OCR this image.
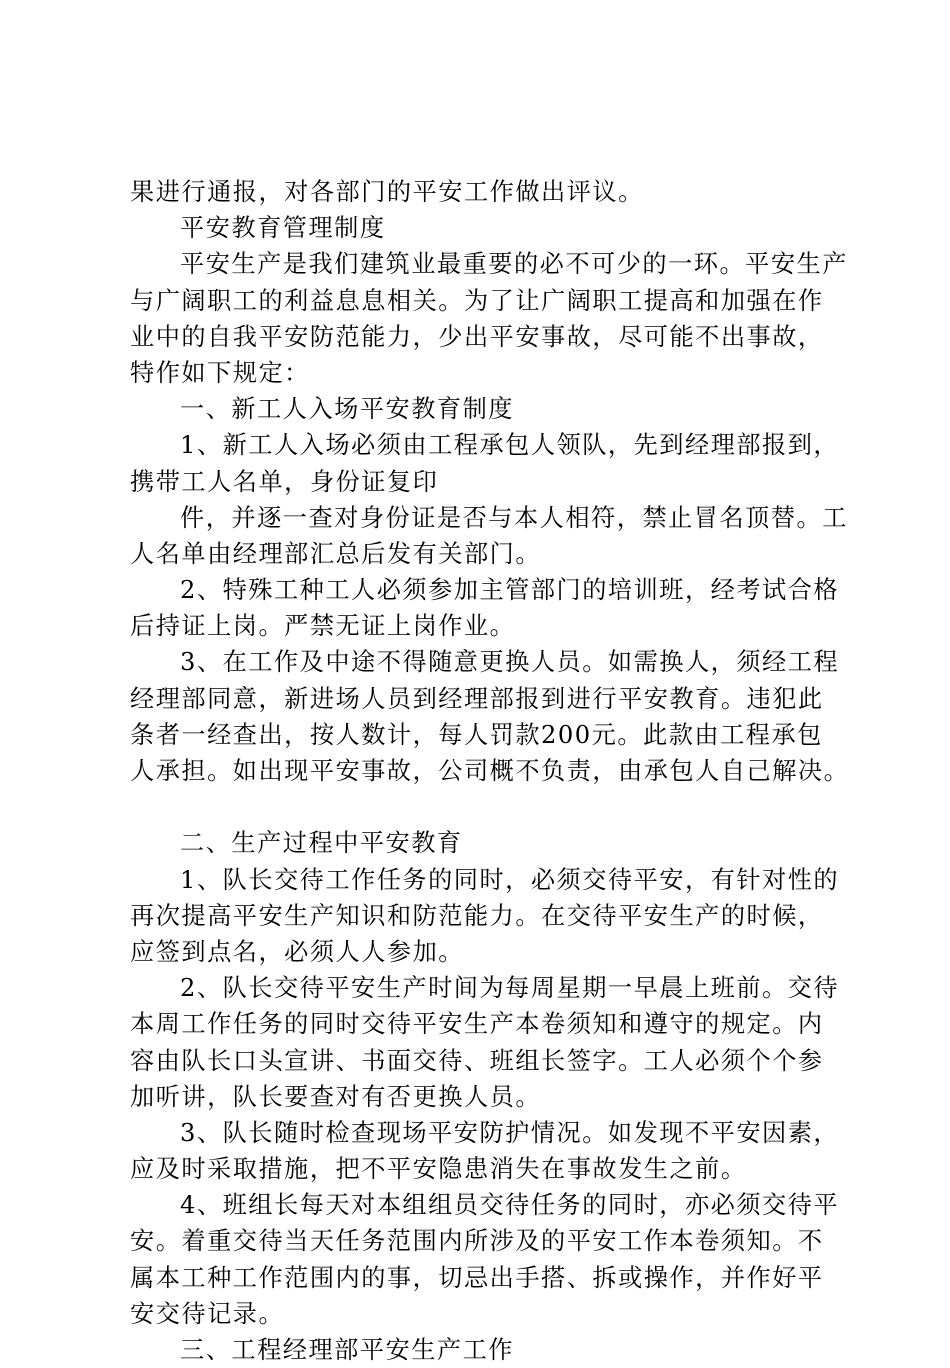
果进行通报，对各部门的平安工作做出评议。
平安教育管理制度
平安生产是我们建筑业最重要的必不可少的一环。平安生产
与广阔职工的利益息息相关。为了让广阔职工提高和加强在作
业中的自我平安防范能力，少出平安事故，尽可能不出事故，
特作如下规定：
一、新工人入场平安教育制度
1、新工人入场必须由工程承包人领队，先到经理部报到，
携带工人名单，身份证复印
件，并逐一查对身份证是否与本人相符，禁止冒名顶替。工
人名单由经理部汇总后发有关部门。
2、特殊工种工人必须参加主管部门的培训班，经考试合格
后持证上岗。严禁无证上岗作业。
3、在工作及中途不得随意更换人员。如需换人，须经工程
经理部同意，新进场人员到经理部报到进行平安教育。违犯此
条者一经查出，按人数计，每人罚款200元。此款由工程承包
人承担。如出现平安事故，公司概不负责，由承包人自己解决。
二、生产过程中平安教育
1、队长交待工作任务的同时，必须交待平安，有针对性的
再次提高平安生产知识和防范能力。在交待平安生产的时候，
应签到点名，必须人人参加。
2、队长交待平安生产时间为每周星期一早晨上班前。交待
本周工作任务的同时交待平安生产本卷须知和遵守的规定。内
容由队长口头宣讲、书面交待、班组长签字。工人必须个个参
加听讲，队长要查对有否更换人员。
3、队长随时检查现场平安防护情况。如发现不平安因素，
应及时采取措施，把不平安隐患消失在事故发生之前。
4、班组长每天对本组组员交待任务的同时，亦必须交待平
安。着重交待当天任务范围内所涉及的平安工作本卷须知。不
属本工种工作范围内的事，切忌出手搭、拆或操作，并作好平
安交待记录。
三、工程经理部平安生产工作
